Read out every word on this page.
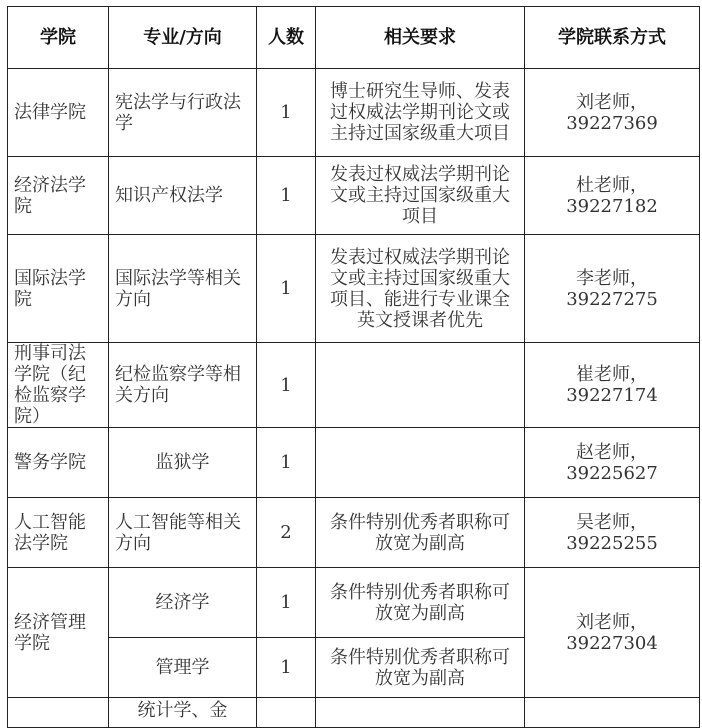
学院	专业/方向	人数	相关要求	学院联系方式
法律学院	宪法学与行政法学	1	博士研究生导师、发表过权威法学期刊论文或主持过国家级重大项目	刘老师，39227369
经济法学院	知识产权法学	1	发表过权威法学期刊论文或主持过国家级重大项目	杜老师，39227182
国际法学院	国际法学等相关方向	1	发表过权威法学期刊论文或主持过国家级重大项目、能进行专业课全英文授课者优先	李老师，39227275
刑事司法学院（纪检监察学院）	纪检监察学等相关方向	1		崔老师，39227174
警务学院	监狱学	1		赵老师，39225627
人工智能法学院	人工智能等相关方向	2	条件特别优秀者职称可放宽为副高	吴老师，39225255
经济管理学院	经济学	1	条件特别优秀者职称可放宽为副高	刘老师，39227304
	管理学	1	条件特别优秀者职称可放宽为副高	
	统计学、金			
